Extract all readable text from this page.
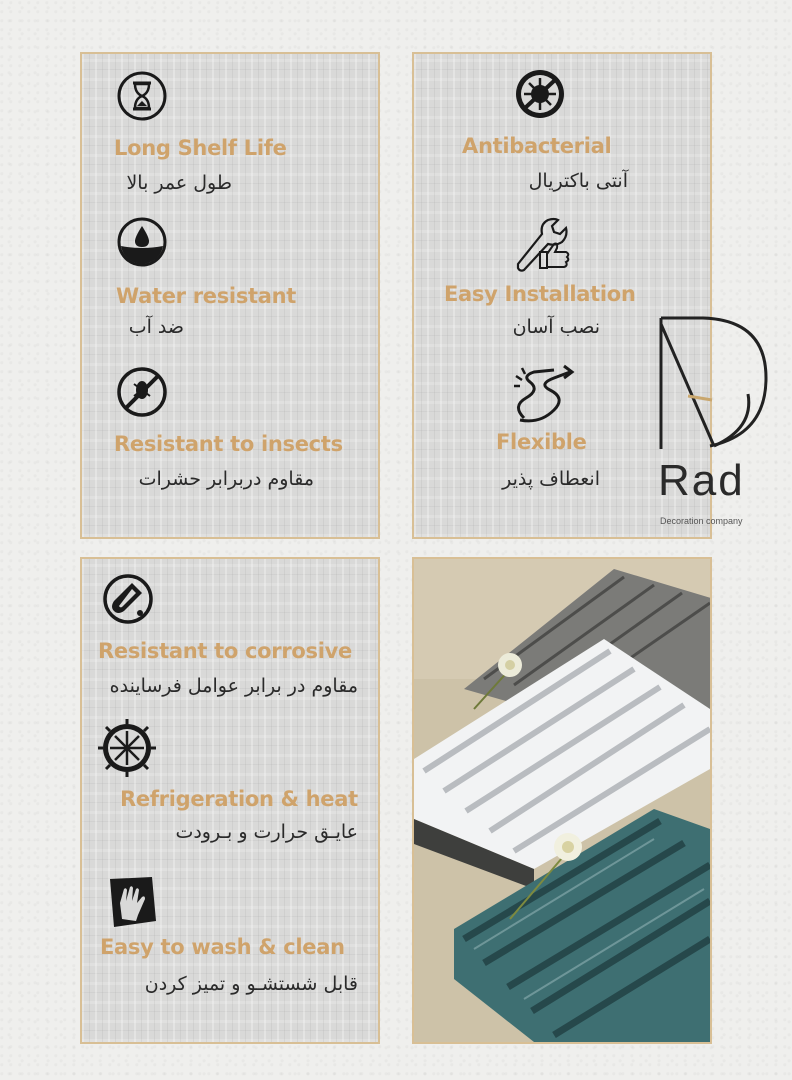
Long Shelf Life
طول عمر بالا
Water resistant
ضد آب
Resistant to insects
مقاوم دربرابر حشرات
Antibacterial
آنتی باکتریال
Easy Installation
نصب آسان
Flexible
انعطاف پذیر Rad
Decoration company
Resistant to corrosive
مقاوم در برابر عوامل فرساینده
Refrigeration & heat
عایـق حرارت و بـرودت
Easy to wash & clean
قابل شستشـو و تمیز کردن
